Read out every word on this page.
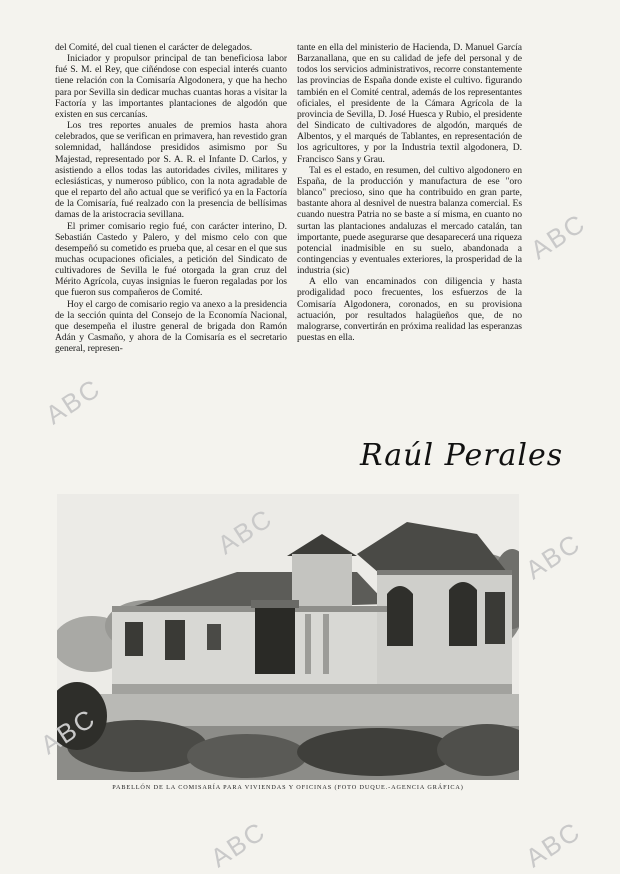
del Comité, del cual tienen el carácter de delegados.

Iniciador y propulsor principal de tan beneficiosa labor fué S. M. el Rey, que ciñéndose con especial interés cuanto tiene relación con la Comisaría Algodonera, y que ha hecho para por Sevilla sin dedicar muchas cuantas horas a visitar la Factoría y las importantes plantaciones de algodón que existen en sus cercanías.

Los tres reportes anuales de premios hasta ahora celebrados, que se verifican en primavera, han revestido gran solemnidad, hallándose presididos asimismo por Su Majestad, representado por S. A. R. el Infante D. Carlos, y asistiendo a ellos todas las autoridades civiles, militares y eclesiásticas, y numeroso público, con la nota agradable de que el reparto del año actual que se verificó ya en la Factoría de la Comisaría, fué realzado con la presencia de bellísimas damas de la aristocracia sevillana.

El primer comisario regio fué, con carácter interino, D. Sebastián Castedo y Palero, y del mismo celo con que desempeñó su cometido es prueba que, al cesar en el que sus muchas ocupaciones oficiales, a petición del Sindicato de cultivadores de Sevilla le fué otorgada la gran cruz del Mérito Agrícola, cuyas insignias le fueron regaladas por los que fueron sus compañeros de Comité.

Hoy el cargo de comisario regio va anexo a la presidencia de la sección quinta del Consejo de la Economía Nacional, que desempeña el ilustre general de brigada don Ramón Adán y Casmaño, y ahora de la Comisaría es el secretario general, represen-

tante en ella del ministerio de Hacienda, D. Manuel García Barzanallana, que en su calidad de jefe del personal y de todos los servicios administrativos, recorre constantemente las provincias de España donde existe el cultivo. figurando también en el Comité central, además de los representantes oficiales, el presidente de la Cámara Agrícola de la provincia de Sevilla, D. José Huesca y Rubio, el presidente del Sindicato de cultivadores de algodón, marqués de Albentos, y el marqués de Tablantes, en representación de los agricultores, y por la Industria textil algodonera, D. Francisco Sans y Grau.

Tal es el estado, en resumen, del cultivo algodonero en España, de la producción y manufactura de ese "oro blanco" precioso, sino que ha contribuido en gran parte, bastante ahora al desnivel de nuestra balanza comercial. Es cuando nuestra Patria no se baste a sí misma, en cuanto no surtan las plantaciones andaluzas el mercado catalán, tan importante, puede asegurarse que desaparecerá una riqueza potencial inadmisible en su suelo, abandonada a contingencias y eventuales exteriores, la prosperidad de la industria (sic)

A ello van encaminados con diligencia y hasta prodigalidad poco frecuentes, los esfuerzos de la Comisaría Algodonera, coronados, en su provisiona actuación, por resultados halagüeños que, de no malograrse, convertirán en próxima realidad las esperanzas puestas en ella.

Raúl Perales
PABELLÓN DE LA COMISARÍA PARA VIVIENDAS Y OFICINAS (FOTO DUQUE.-AGENCIA GRÁFICA)
ABC
ABC
ABC
ABC
ABC	ABC
ABC
